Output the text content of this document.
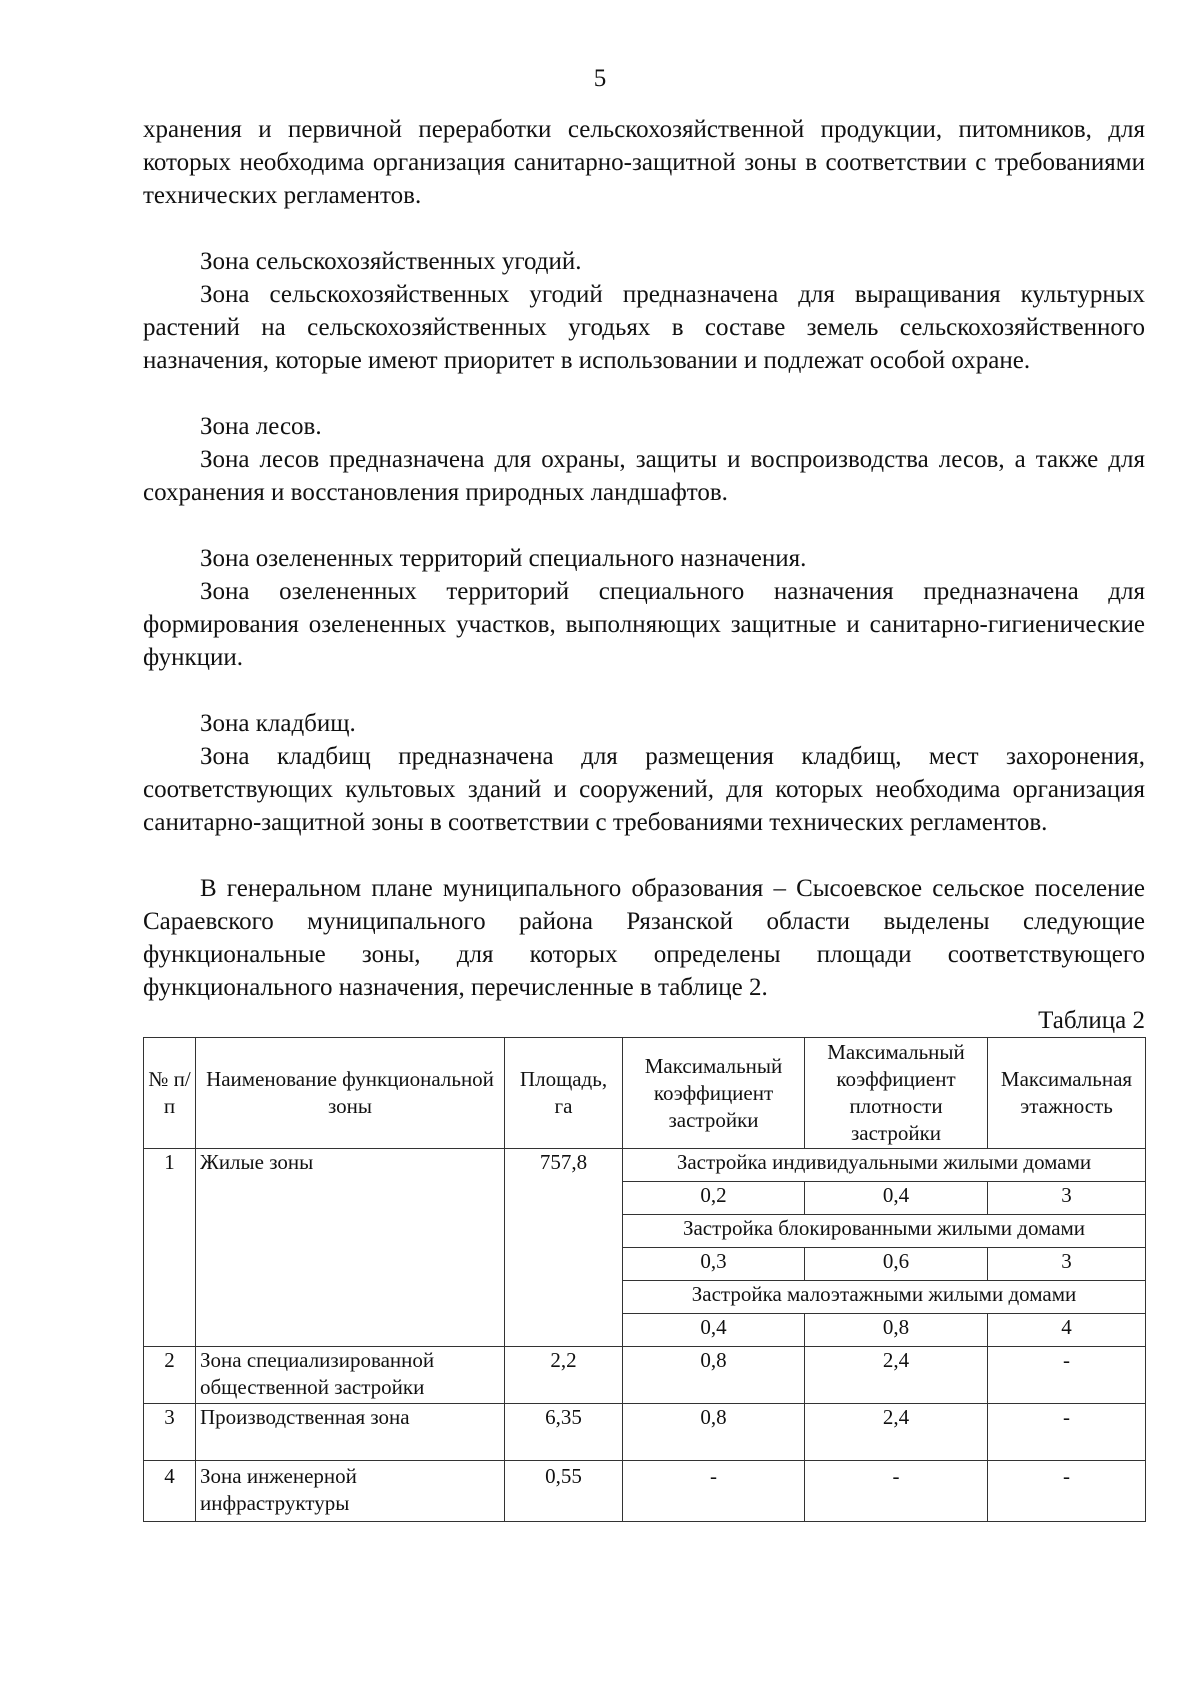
5

хранения и первичной переработки сельскохозяйственной продукции, питомников, для которых необходима организация санитарно-защитной зоны в соответствии с требованиями технических регламентов.

Зона сельскохозяйственных угодий.

Зона сельскохозяйственных угодий предназначена для выращивания культурных растений на сельскохозяйственных угодьях в составе земель сельскохозяйственного назначения, которые имеют приоритет в использовании и подлежат особой охране.

Зона лесов.

Зона лесов предназначена для охраны, защиты и воспроизводства лесов, а также для сохранения и восстановления природных ландшафтов.

Зона озелененных территорий специального назначения.

Зона озелененных территорий специального назначения предназначена для формирования озелененных участков, выполняющих защитные и санитарно-гигиенические функции.

Зона кладбищ.

Зона кладбищ предназначена для размещения кладбищ, мест захоронения, соответствующих культовых зданий и сооружений, для которых необходима организация санитарно-защитной зоны в соответствии с требованиями технических регламентов.

В генеральном плане муниципального образования – Сысоевское сельское поселение Сараевского муниципального района Рязанской области выделены следующие функциональные зоны, для которых определены площади соответствующего функционального назначения, перечисленные в таблице 2.

Таблица 2

№ п/п	Наименование функциональной зоны	Площадь, га	Максимальный коэффициент застройки	Максимальный коэффициент плотности застройки	Максимальная этажность
1	Жилые зоны	757,8	Застройка индивидуальными жилыми домами		
			0,2	0,4	3
			Застройка блокированными жилыми домами		
			0,3	0,6	3
			Застройка малоэтажными жилыми домами		
			0,4	0,8	4
2	Зона специализированной общественной застройки	2,2	0,8	2,4	-
3	Производственная зона	6,35	0,8	2,4	-
4	Зона инженерной инфраструктуры	0,55	-	-	-
